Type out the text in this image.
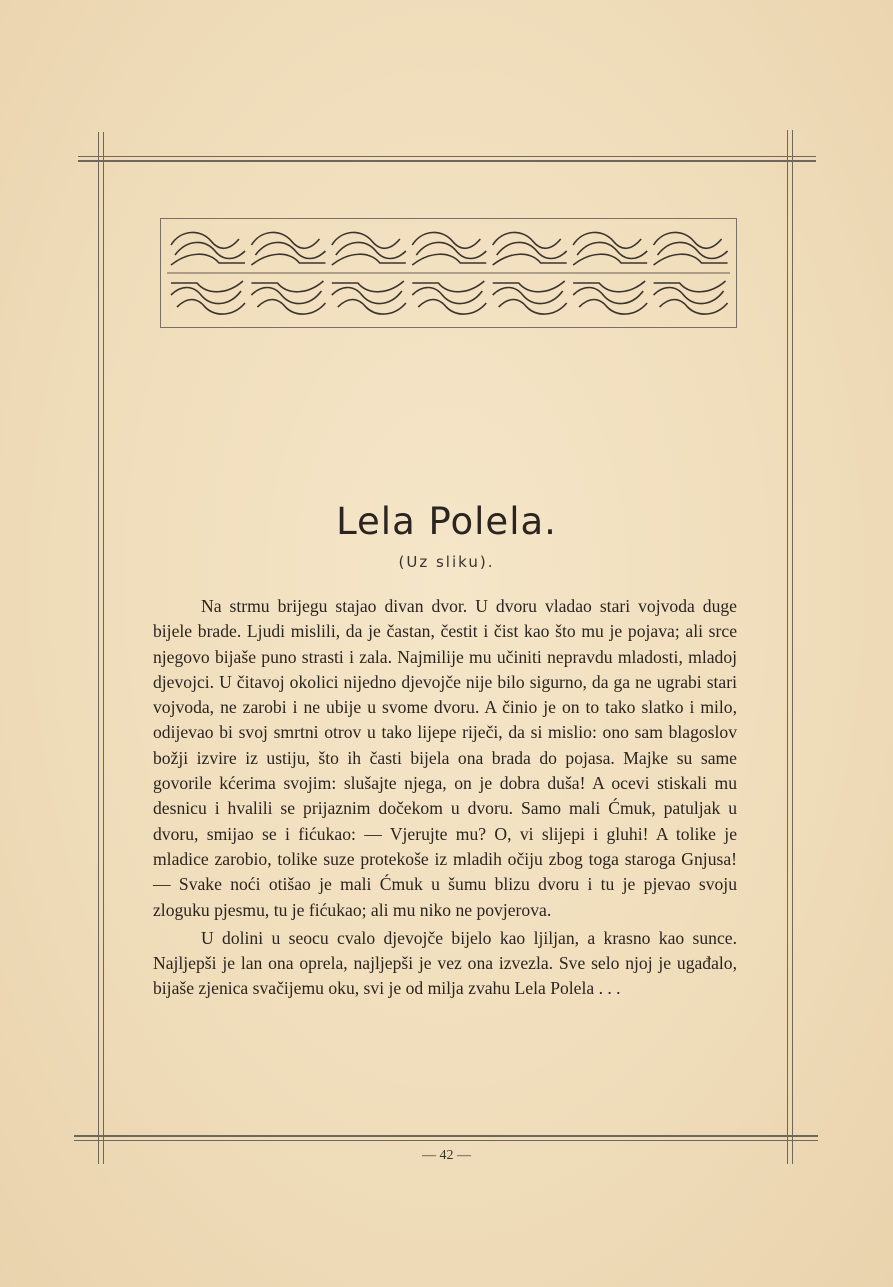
Lela Polela.
(Uz sliku).

Na strmu brijegu stajao divan dvor. U dvoru vladao stari vojvoda duge bijele brade. Ljudi mislili, da je častan, čestit i čist kao što mu je pojava; ali srce njegovo bijaše puno strasti i zala. Najmilije mu učiniti nepravdu mladosti, mladoj djevojci. U čitavoj okolici nijedno djevojče nije bilo sigurno, da ga ne ugrabi stari vojvoda, ne zarobi i ne ubije u svome dvoru. A činio je on to tako slatko i milo, odijevao bi svoj smrtni otrov u tako lijepe riječi, da si mislio: ono sam blagoslov božji izvire iz ustiju, što ih časti bijela ona brada do pojasa. Majke su same govorile kćerima svojim: slušajte njega, on je dobra duša! A ocevi stiskali mu desnicu i hvalili se prijaznim dočekom u dvoru. Samo mali Ćmuk, patuljak u dvoru, smijao se i fićukao: — Vjerujte mu? O, vi slijepi i gluhi! A tolike je mladice zarobio, tolike suze protekoše iz mladih očiju zbog toga staroga Gnjusa! — Svake noći otišao je mali Ćmuk u šumu blizu dvoru i tu je pjevao svoju zloguku pjesmu, tu je fićukao; ali mu niko ne povjerova.

U dolini u seocu cvalo djevojče bijelo kao ljiljan, a krasno kao sunce. Najljepši je lan ona oprela, najljepši je vez ona izvezla. Sve selo njoj je ugađalo, bijaše zjenica svačijemu oku, svi je od milja zvahu Lela Polela . . .

— 42 —
